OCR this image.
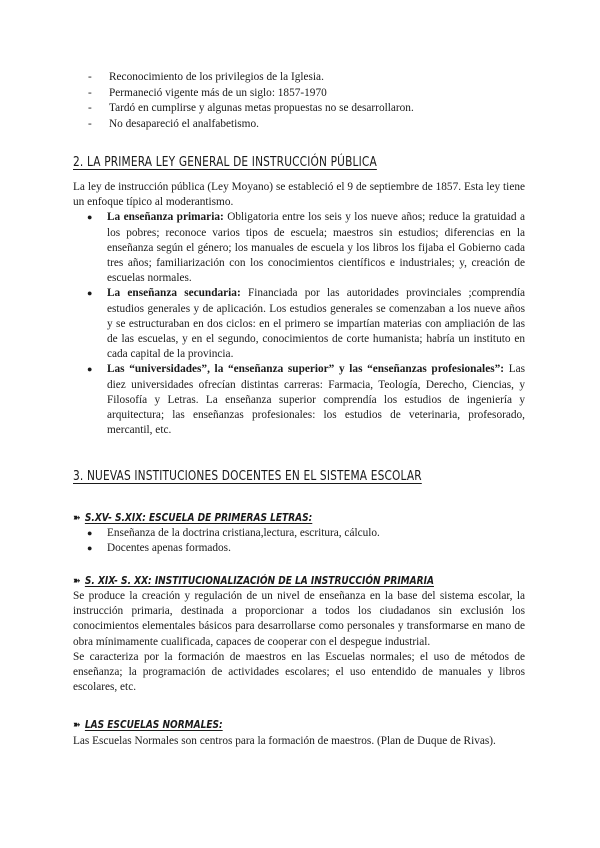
- Reconocimiento de los privilegios de la Iglesia.
- Permaneció vigente más de un siglo: 1857-1970
- Tardó en cumplirse y algunas metas propuestas no se desarrollaron.
- No desapareció el analfabetismo.
2. LA PRIMERA LEY GENERAL DE INSTRUCCIÓN PÚBLICA

La ley de instrucción pública (Ley Moyano) se estableció el 9 de septiembre de 1857. Esta ley tiene un enfoque típico al moderantismo.

● La enseñanza primaria: Obligatoria entre los seis y los nueve años; reduce la gratuidad a los pobres; reconoce varios tipos de escuela; maestros sin estudios; diferencias en la enseñanza según el género; los manuales de escuela y los libros los fijaba el Gobierno cada tres años; familiarización con los conocimientos científicos e industriales; y, creación de escuelas normales.
● La enseñanza secundaria: Financiada por las autoridades provinciales ;comprendía estudios generales y de aplicación. Los estudios generales se comenzaban a los nueve años y se estructuraban en dos ciclos: en el primero se impartían materias con ampliación de las de las escuelas, y en el segundo, conocimientos de corte humanista; habría un instituto en cada capital de la provincia.
● Las “universidades”, la “enseñanza superior” y las “enseñanzas profesionales”: Las diez universidades ofrecían distintas carreras: Farmacia, Teología, Derecho, Ciencias, y Filosofía y Letras. La enseñanza superior comprendía los estudios de ingeniería y arquitectura; las enseñanzas profesionales: los estudios de veterinaria, profesorado, mercantil, etc.
3. NUEVAS INSTITUCIONES DOCENTES EN EL SISTEMA ESCOLAR
➽ S.XV- S.XIX: ESCUELA DE PRIMERAS LETRAS:
● Enseñanza de la doctrina cristiana,lectura, escritura, cálculo.
● Docentes apenas formados.
➽ S. XIX- S. XX: INSTITUCIONALIZACIÓN DE LA INSTRUCCIÓN PRIMARIA

Se produce la creación y regulación de un nivel de enseñanza en la base del sistema escolar, la instrucción primaria, destinada a proporcionar a todos los ciudadanos sin exclusión los conocimientos elementales básicos para desarrollarse como personales y transformarse en mano de obra mínimamente cualificada, capaces de cooperar con el despegue industrial.

Se caracteriza por la formación de maestros en las Escuelas normales; el uso de métodos de enseñanza; la programación de actividades escolares; el uso entendido de manuales y libros escolares, etc.

➽ LAS ESCUELAS NORMALES:

Las Escuelas Normales son centros para la formación de maestros. (Plan de Duque de Rivas).
